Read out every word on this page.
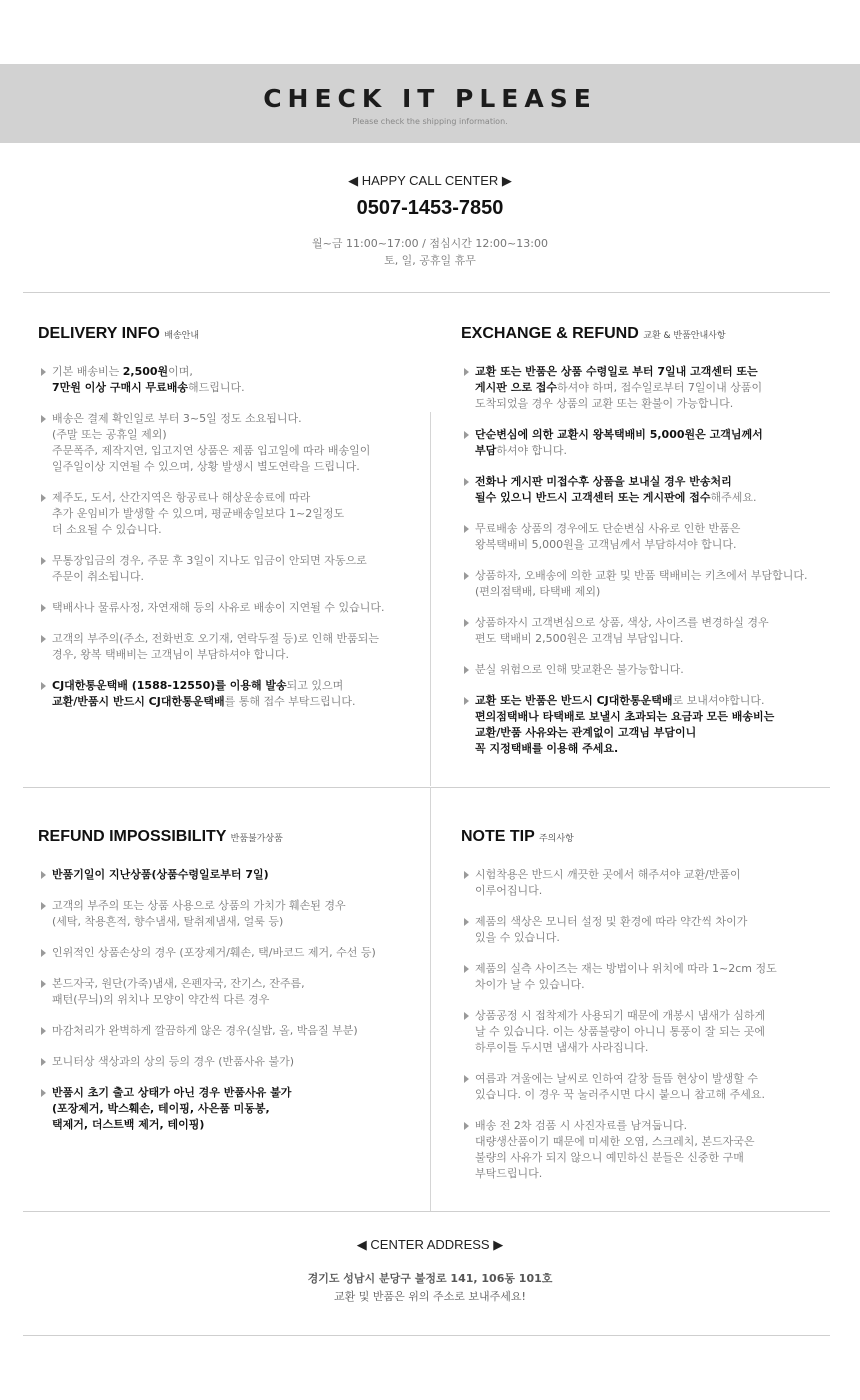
CHECK IT PLEASE

Please check the shipping information.

◀ HAPPY CALL CENTER ▶
0507-1453-7850
월~금 11:00~17:00 / 점심시간 12:00~13:00
토, 일, 공휴일 휴무
DELIVERY INFO 배송안내
기본 배송비는 2,500원이며,
7만원 이상 구매시 무료배송해드립니다.
배송은 결제 확인일로 부터 3~5일 정도 소요됩니다.
(주말 또는 공휴일 제외)
주문폭주, 제작지연, 입고지연 상품은 제품 입고일에 따라 배송일이
일주일이상 지연될 수 있으며, 상황 발생시 별도연락을 드립니다.
제주도, 도서, 산간지역은 항공료나 해상운송료에 따라
추가 운임비가 발생할 수 있으며, 평균배송일보다 1~2일정도
더 소요될 수 있습니다.
무통장입금의 경우, 주문 후 3일이 지나도 입금이 안되면 자동으로
주문이 취소됩니다.
택배사나 물류사정, 자연재해 등의 사유로 배송이 지연될 수 있습니다.
고객의 부주의(주소, 전화번호 오기재, 연락두절 등)로 인해 반품되는
경우, 왕복 택배비는 고객님이 부담하셔야 합니다.
CJ대한통운택배 (1588-12550)를 이용해 발송되고 있으며
교환/반품시 반드시 CJ대한통운택배를 통해 접수 부탁드립니다.
EXCHANGE & REFUND 교환 & 반품안내사항
교환 또는 반품은 상품 수령일로 부터 7일내 고객센터 또는
게시판 으로 접수하셔야 하며, 접수일로부터 7일이내 상품이
도착되었을 경우 상품의 교환 또는 환불이 가능합니다.
단순변심에 의한 교환시 왕복택배비 5,000원은 고객님께서
부담하셔야 합니다.
전화나 게시판 미접수후 상품을 보내실 경우 반송처리
될수 있으니 반드시 고객센터 또는 게시판에 접수해주세요.
무료배송 상품의 경우에도 단순변심 사유로 인한 반품은
왕복택배비 5,000원을 고객님께서 부담하셔야 합니다.
상품하자, 오배송에 의한 교환 및 반품 택배비는 키츠에서 부담합니다.
(편의점택배, 타택배 제외)
상품하자시 고객변심으로 상품, 색상, 사이즈를 변경하실 경우
편도 택배비 2,500원은 고객님 부담입니다.
분실 위험으로 인해 맞교환은 불가능합니다.
교환 또는 반품은 반드시 CJ대한통운택배로 보내셔야합니다.
편의점택배나 타택배로 보낼시 초과되는 요금과 모든 배송비는
교환/반품 사유와는 관계없이 고객님 부담이니
꼭 지정택배를 이용해 주세요.
REFUND IMPOSSIBILITY 반품불가상품
반품기일이 지난상품(상품수령일로부터 7일)
고객의 부주의 또는 상품 사용으로 상품의 가치가 훼손된 경우
(세탁, 착용흔적, 향수냄새, 탈취제냄새, 얼룩 등)
인위적인 상품손상의 경우 (포장제거/훼손, 택/바코드 제거, 수선 등)
본드자국, 원단(가죽)냄새, 은펜자국, 잔기스, 잔주름,
패턴(무늬)의 위치나 모양이 약간씩 다른 경우
마감처리가 완벽하게 깔끔하게 않은 경우(실밥, 올, 박음질 부분)
모니터상 색상과의 상의 등의 경우 (반품사유 불가)
반품시 초기 출고 상태가 아닌 경우 반품사유 불가
(포장제거, 박스훼손, 테이핑, 사은품 미동봉,
택제거, 더스트백 제거, 테이핑)
NOTE TIP 주의사항
시험착용은 반드시 깨끗한 곳에서 해주셔야 교환/반품이
이루어집니다.
제품의 색상은 모니터 설정 및 환경에 따라 약간씩 차이가
있을 수 있습니다.
제품의 실측 사이즈는 재는 방법이나 위치에 따라 1~2cm 정도
차이가 날 수 있습니다.
상품공정 시 접착제가 사용되기 때문에 개봉시 냄새가 심하게
날 수 있습니다. 이는 상품불량이 아니니 통풍이 잘 되는 곳에
하루이틀 두시면 냄새가 사라집니다.
여름과 겨울에는 날씨로 인하여 갈창 들뜸 현상이 발생할 수
있습니다. 이 경우 꾹 눌러주시면 다시 붙으니 참고해 주세요.
배송 전 2차 검품 시 사진자료를 남겨둡니다.
대량생산품이기 때문에 미세한 오염, 스크레치, 본드자국은
불량의 사유가 되지 않으니 예민하신 분들은 신중한 구매
부탁드립니다.
◀ CENTER ADDRESS ▶
경기도 성남시 분당구 불정로 141, 106동 101호
교환 및 반품은 위의 주소로 보내주세요!
